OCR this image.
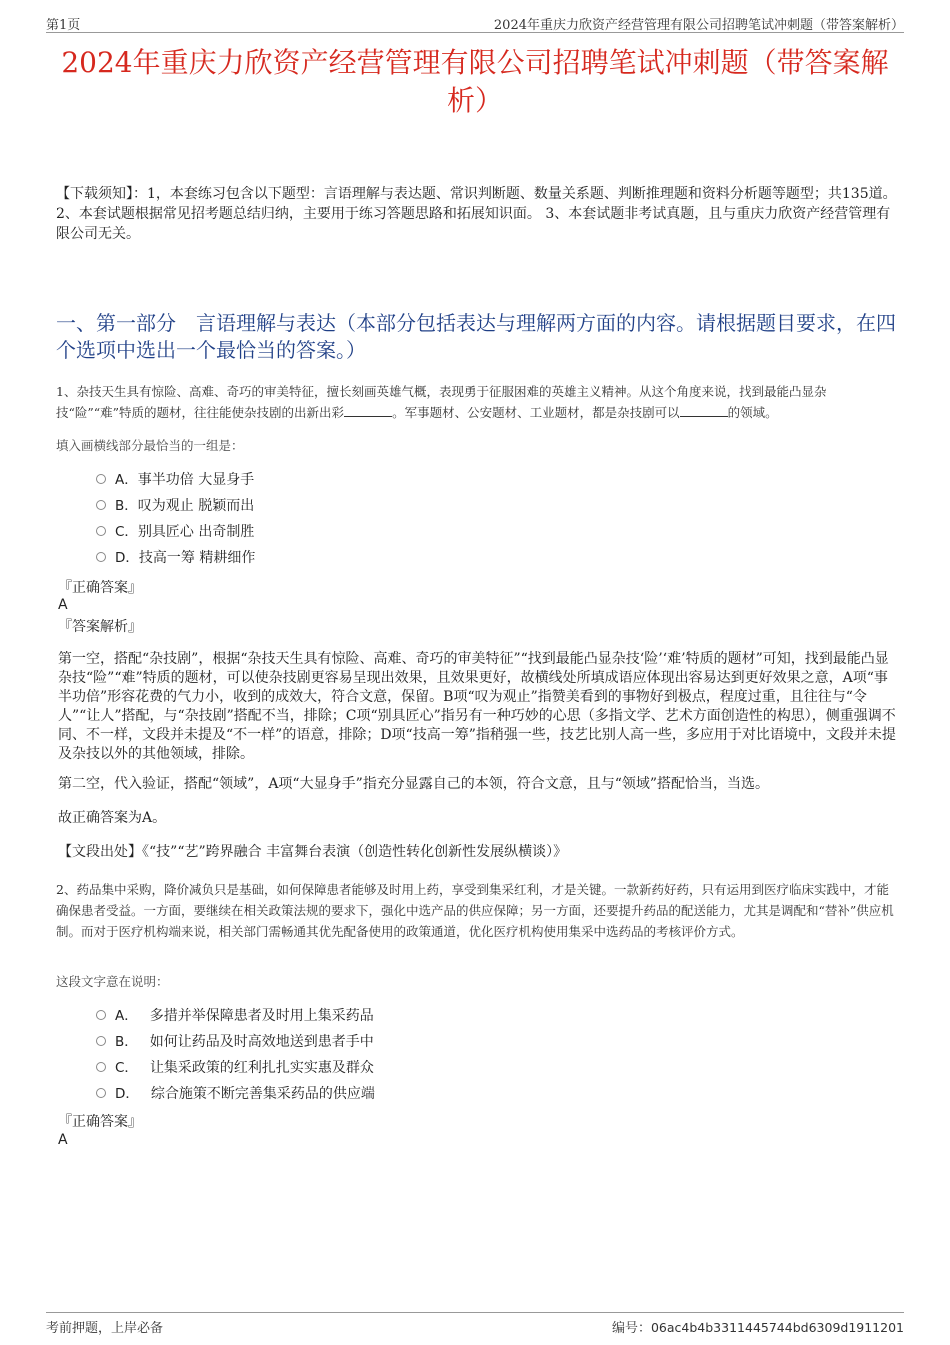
第1页	2024年重庆力欣资产经营管理有限公司招聘笔试冲刺题（带答案解析）
2024年重庆力欣资产经营管理有限公司招聘笔试冲刺题（带答案解析）
【下载须知】：1，本套练习包含以下题型：言语理解与表达题、常识判断题、数量关系题、判断推理题和资料分析题等题型；共135道。 2、本套试题根据常见招考题总结归纳，主要用于练习答题思路和拓展知识面。 3、本套试题非考试真题，且与重庆力欣资产经营管理有限公司无关。
一、第一部分　言语理解与表达（本部分包括表达与理解两方面的内容。请根据题目要求，在四个选项中选出一个最恰当的答案。）
1、杂技天生具有惊险、高难、奇巧的审美特征，擅长刻画英雄气概，表现勇于征服困难的英雄主义精神。从这个角度来说，找到最能凸显杂技“险”“难”特质的题材，往往能使杂技剧的出新出彩	。军事题材、公安题材、工业题材，都是杂技剧可以	的领域。
填入画横线部分最恰当的一组是：
A．事半功倍 大显身手
B．叹为观止 脱颖而出
C．别具匠心 出奇制胜
D．技高一筹 精耕细作
『正确答案』
A
『答案解析』
第一空，搭配“杂技剧”，根据“杂技天生具有惊险、高难、奇巧的审美特征”“找到最能凸显杂技‘险’‘难’特质的题材”可知，找到最能凸显杂技“险”“难”特质的题材，可以使杂技剧更容易呈现出效果，且效果更好，故横线处所填成语应体现出容易达到更好效果之意，A项“事半功倍”形容花费的气力小，收到的成效大，符合文意，保留。B项“叹为观止”指赞美看到的事物好到极点，程度过重，且往往与“令人”“让人”搭配，与“杂技剧”搭配不当，排除；C项“别具匠心”指另有一种巧妙的心思（多指文学、艺术方面创造性的构思），侧重强调不同、不一样，文段并未提及“不一样”的语意，排除；D项“技高一筹”指稍强一些，技艺比别人高一些，多应用于对比语境中，文段并未提及杂技以外的其他领域，排除。
第二空，代入验证，搭配“领域”，A项“大显身手”指充分显露自己的本领，符合文意，且与“领域”搭配恰当，当选。
故正确答案为A。
【文段出处】《“技”“艺”跨界融合 丰富舞台表演（创造性转化创新性发展纵横谈）》
2、药品集中采购，降价减负只是基础，如何保障患者能够及时用上药，享受到集采红利，才是关键。一款新药好药，只有运用到医疗临床实践中，才能确保患者受益。一方面，要继续在相关政策法规的要求下，强化中选产品的供应保障；另一方面，还要提升药品的配送能力，尤其是调配和“替补”供应机制。而对于医疗机构端来说，相关部门需畅通其优先配备使用的政策通道，优化医疗机构使用集采中选药品的考核评价方式。
这段文字意在说明：
A． 多措并举保障患者及时用上集采药品
B． 如何让药品及时高效地送到患者手中
C． 让集采政策的红利扎扎实实惠及群众
D． 综合施策不断完善集采药品的供应端
『正确答案』
A
考前押题，上岸必备	编号：06ac4b4b3311445744bd6309d1911201
